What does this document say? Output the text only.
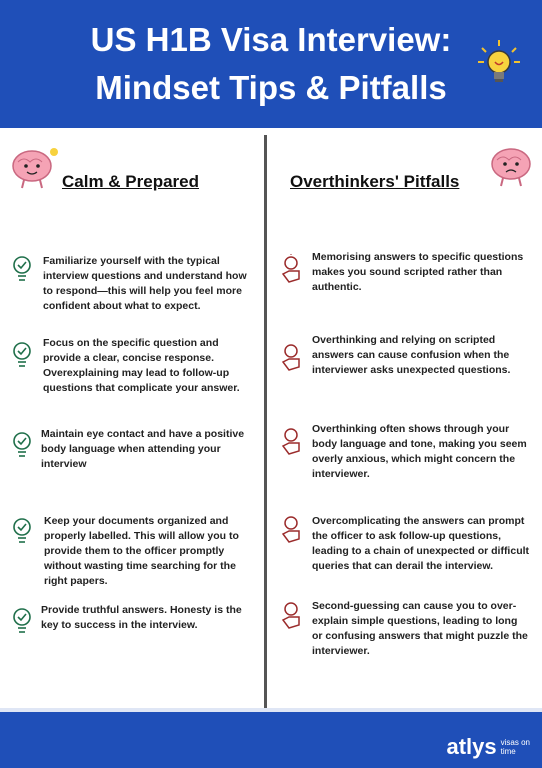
US H1B Visa Interview:
Mindset Tips & Pitfalls
Calm & Prepared	Overthinkers' Pitfalls
Familiarize yourself with the typical interview questions and understand how to respond—this will help you feel more confident about what to expect.
Focus on the specific question and provide a clear, concise response. Overexplaining may lead to follow-up questions that complicate your answer.
Maintain eye contact and have a positive body language when attending your interview
Keep your documents organized and properly labelled. This will allow you to provide them to the officer promptly without wasting time searching for the right papers.
Provide truthful answers. Honesty is the key to success in the interview.
Memorising answers to specific questions makes you sound scripted rather than authentic.
Overthinking and relying on scripted answers can cause confusion when the interviewer asks unexpected questions.
Overthinking often shows through your body language and tone, making you seem overly anxious, which might concern the interviewer.
Overcomplicating the answers can prompt the officer to ask follow-up questions, leading to a chain of unexpected or difficult queries that can derail the interview.
Second-guessing can cause you to over-explain simple questions, leading to long or confusing answers that might puzzle the interviewer.
atlys visas on
time
